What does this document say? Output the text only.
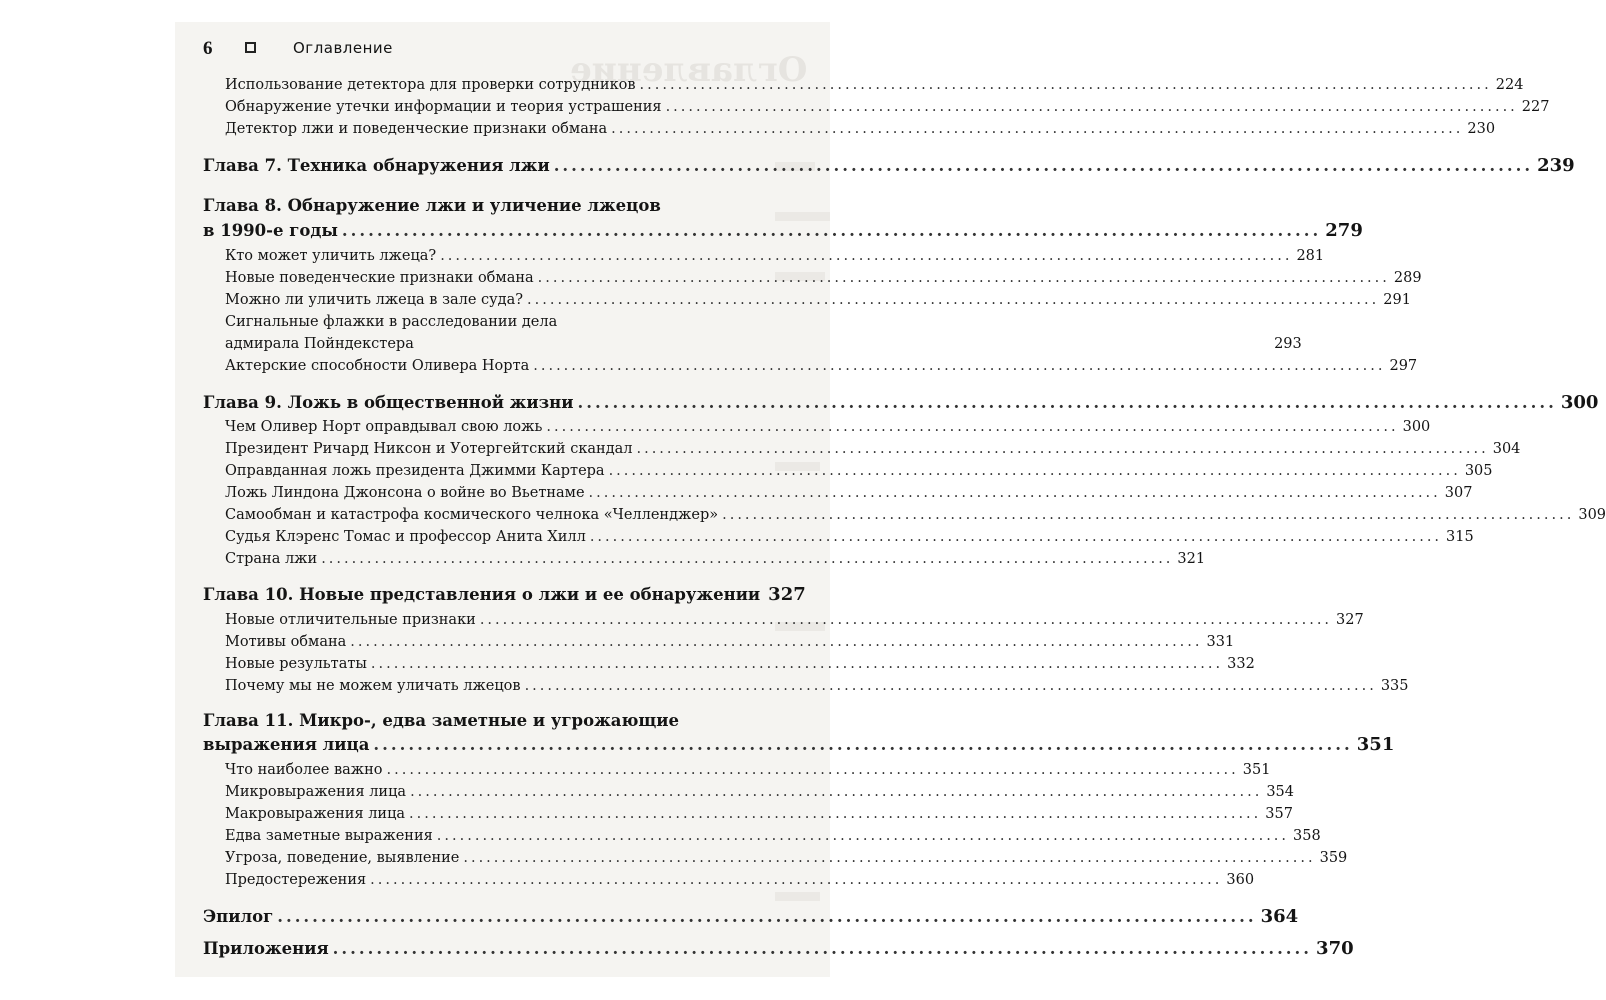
Оглавление
6	Оглавление
Использование детектора для проверки сотрудников ................................................................................................................ 224
Обнаружение утечки информации и теория устрашения ................................................................................................................ 227
Детектор лжи и поведенческие признаки обмана ................................................................................................................ 230
Глава 7. Техника обнаружения лжи ................................................................................................................ 239
Глава 8. Обнаружение лжи и уличение лжецов
в 1990-е годы ................................................................................................................ 279
Кто может уличить лжеца? ................................................................................................................ 281
Новые поведенческие признаки обмана ................................................................................................................ 289
Можно ли уличить лжеца в зале суда? ................................................................................................................ 291
Сигнальные флажки в расследовании дела
адмирала Пойндекстера	293
Актерские способности Оливера Норта ................................................................................................................ 297
Глава 9. Ложь в общественной жизни ................................................................................................................ 300
Чем Оливер Норт оправдывал свою ложь ................................................................................................................ 300
Президент Ричард Никсон и Уотергейтский скандал ................................................................................................................ 304
Оправданная ложь президента Джимми Картера ................................................................................................................ 305
Ложь Линдона Джонсона о войне во Вьетнаме ................................................................................................................ 307
Самообман и катастрофа космического челнока «Челленджер» ................................................................................................................ 309
Судья Клэренс Томас и профессор Анита Хилл ................................................................................................................ 315
Страна лжи ................................................................................................................ 321
Глава 10. Новые представления о лжи и ее обнаружении 327
Новые отличительные признаки ................................................................................................................ 327
Мотивы обмана ................................................................................................................ 331
Новые результаты ................................................................................................................ 332
Почему мы не можем уличать лжецов ................................................................................................................ 335
Глава 11. Микро-, едва заметные и угрожающие
выражения лица ................................................................................................................ 351
Что наиболее важно ................................................................................................................ 351
Микровыражения лица ................................................................................................................ 354
Макровыражения лица ................................................................................................................ 357
Едва заметные выражения ................................................................................................................ 358
Угроза, поведение, выявление ................................................................................................................ 359
Предостережения ................................................................................................................ 360
Эпилог ................................................................................................................ 364
Приложения ................................................................................................................ 370
